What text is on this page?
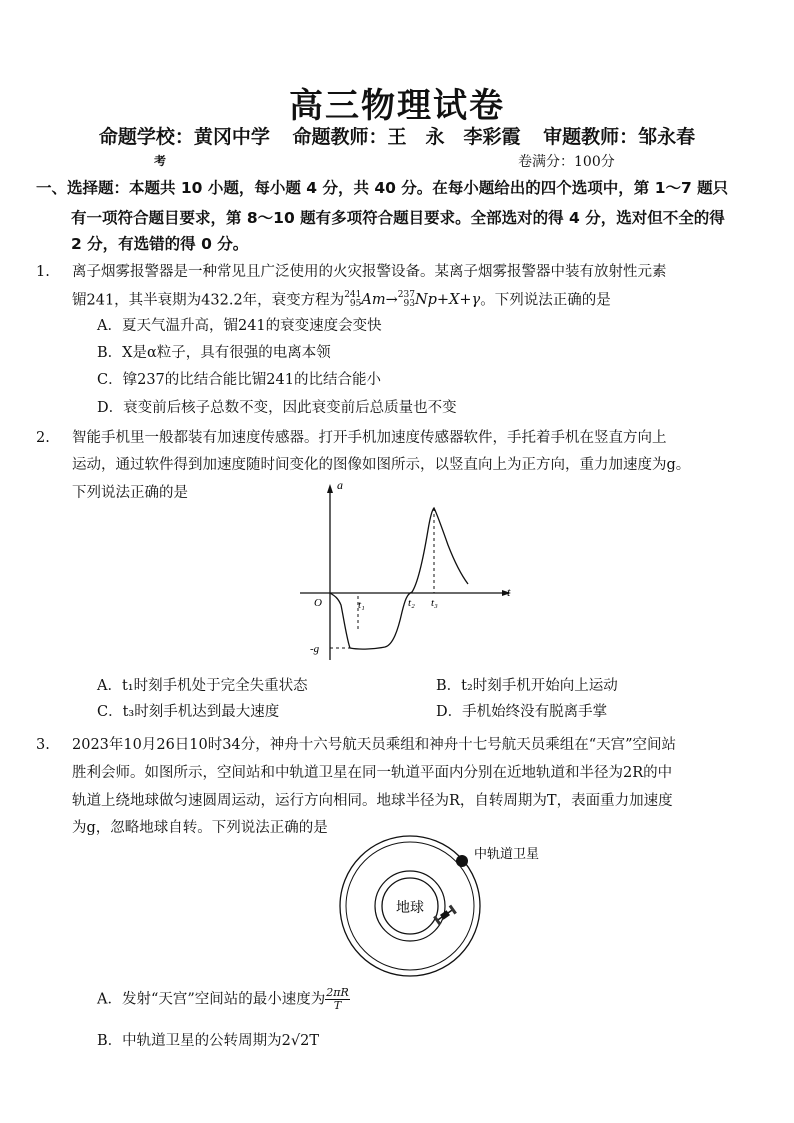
高三物理试卷
命题学校：黄冈中学 命题教师：王　永　李彩霞 审题教师：邹永春
考	卷满分：100分
一、选择题：本题共 10 小题，每小题 4 分，共 40 分。在每小题给出的四个选项中，第 1～7 题只
有一项符合题目要求，第 8～10 题有多项符合题目要求。全部选对的得 4 分，选对但不全的得
2 分，有选错的得 0 分。
1. 离子烟雾报警器是一种常见且广泛使用的火灾报警设备。某离子烟雾报警器中装有放射性元素
镅241，其半衰期为432.2年，衰变方程为 241
95 Am→ 237
93 Np+X+γ。下列说法正确的是
A．夏天气温升高，镅241的衰变速度会变快
B．X是α粒子，具有很强的电离本领
C．镎237的比结合能比镅241的比结合能小
D．衰变前后核子总数不变，因此衰变前后总质量也不变
2. 智能手机里一般都装有加速度传感器。打开手机加速度传感器软件，手托着手机在竖直方向上
运动，通过软件得到加速度随时间变化的图像如图所示，以竖直向上为正方向，重力加速度为g。
下列说法正确的是	a
t
O	t₁	t₂ t₃
-g
地球
中轨道卫星
A．t₁时刻手机处于完全失重状态	B．t₂时刻手机开始向上运动
C．t₃时刻手机达到最大速度	D．手机始终没有脱离手掌
3. 2023年10月26日10时34分，神舟十六号航天员乘组和神舟十七号航天员乘组在“天宫”空间站
胜利会师。如图所示，空间站和中轨道卫星在同一轨道平面内分别在近地轨道和半径为2R的中
轨道上绕地球做匀速圆周运动，运行方向相同。地球半径为R，自转周期为T，表面重力加速度
为g，忽略地球自转。下列说法正确的是
A．发射“天宫”空间站的最小速度为 $\frac{2\pi R}{T}$
B．中轨道卫星的公转周期为2√2T
